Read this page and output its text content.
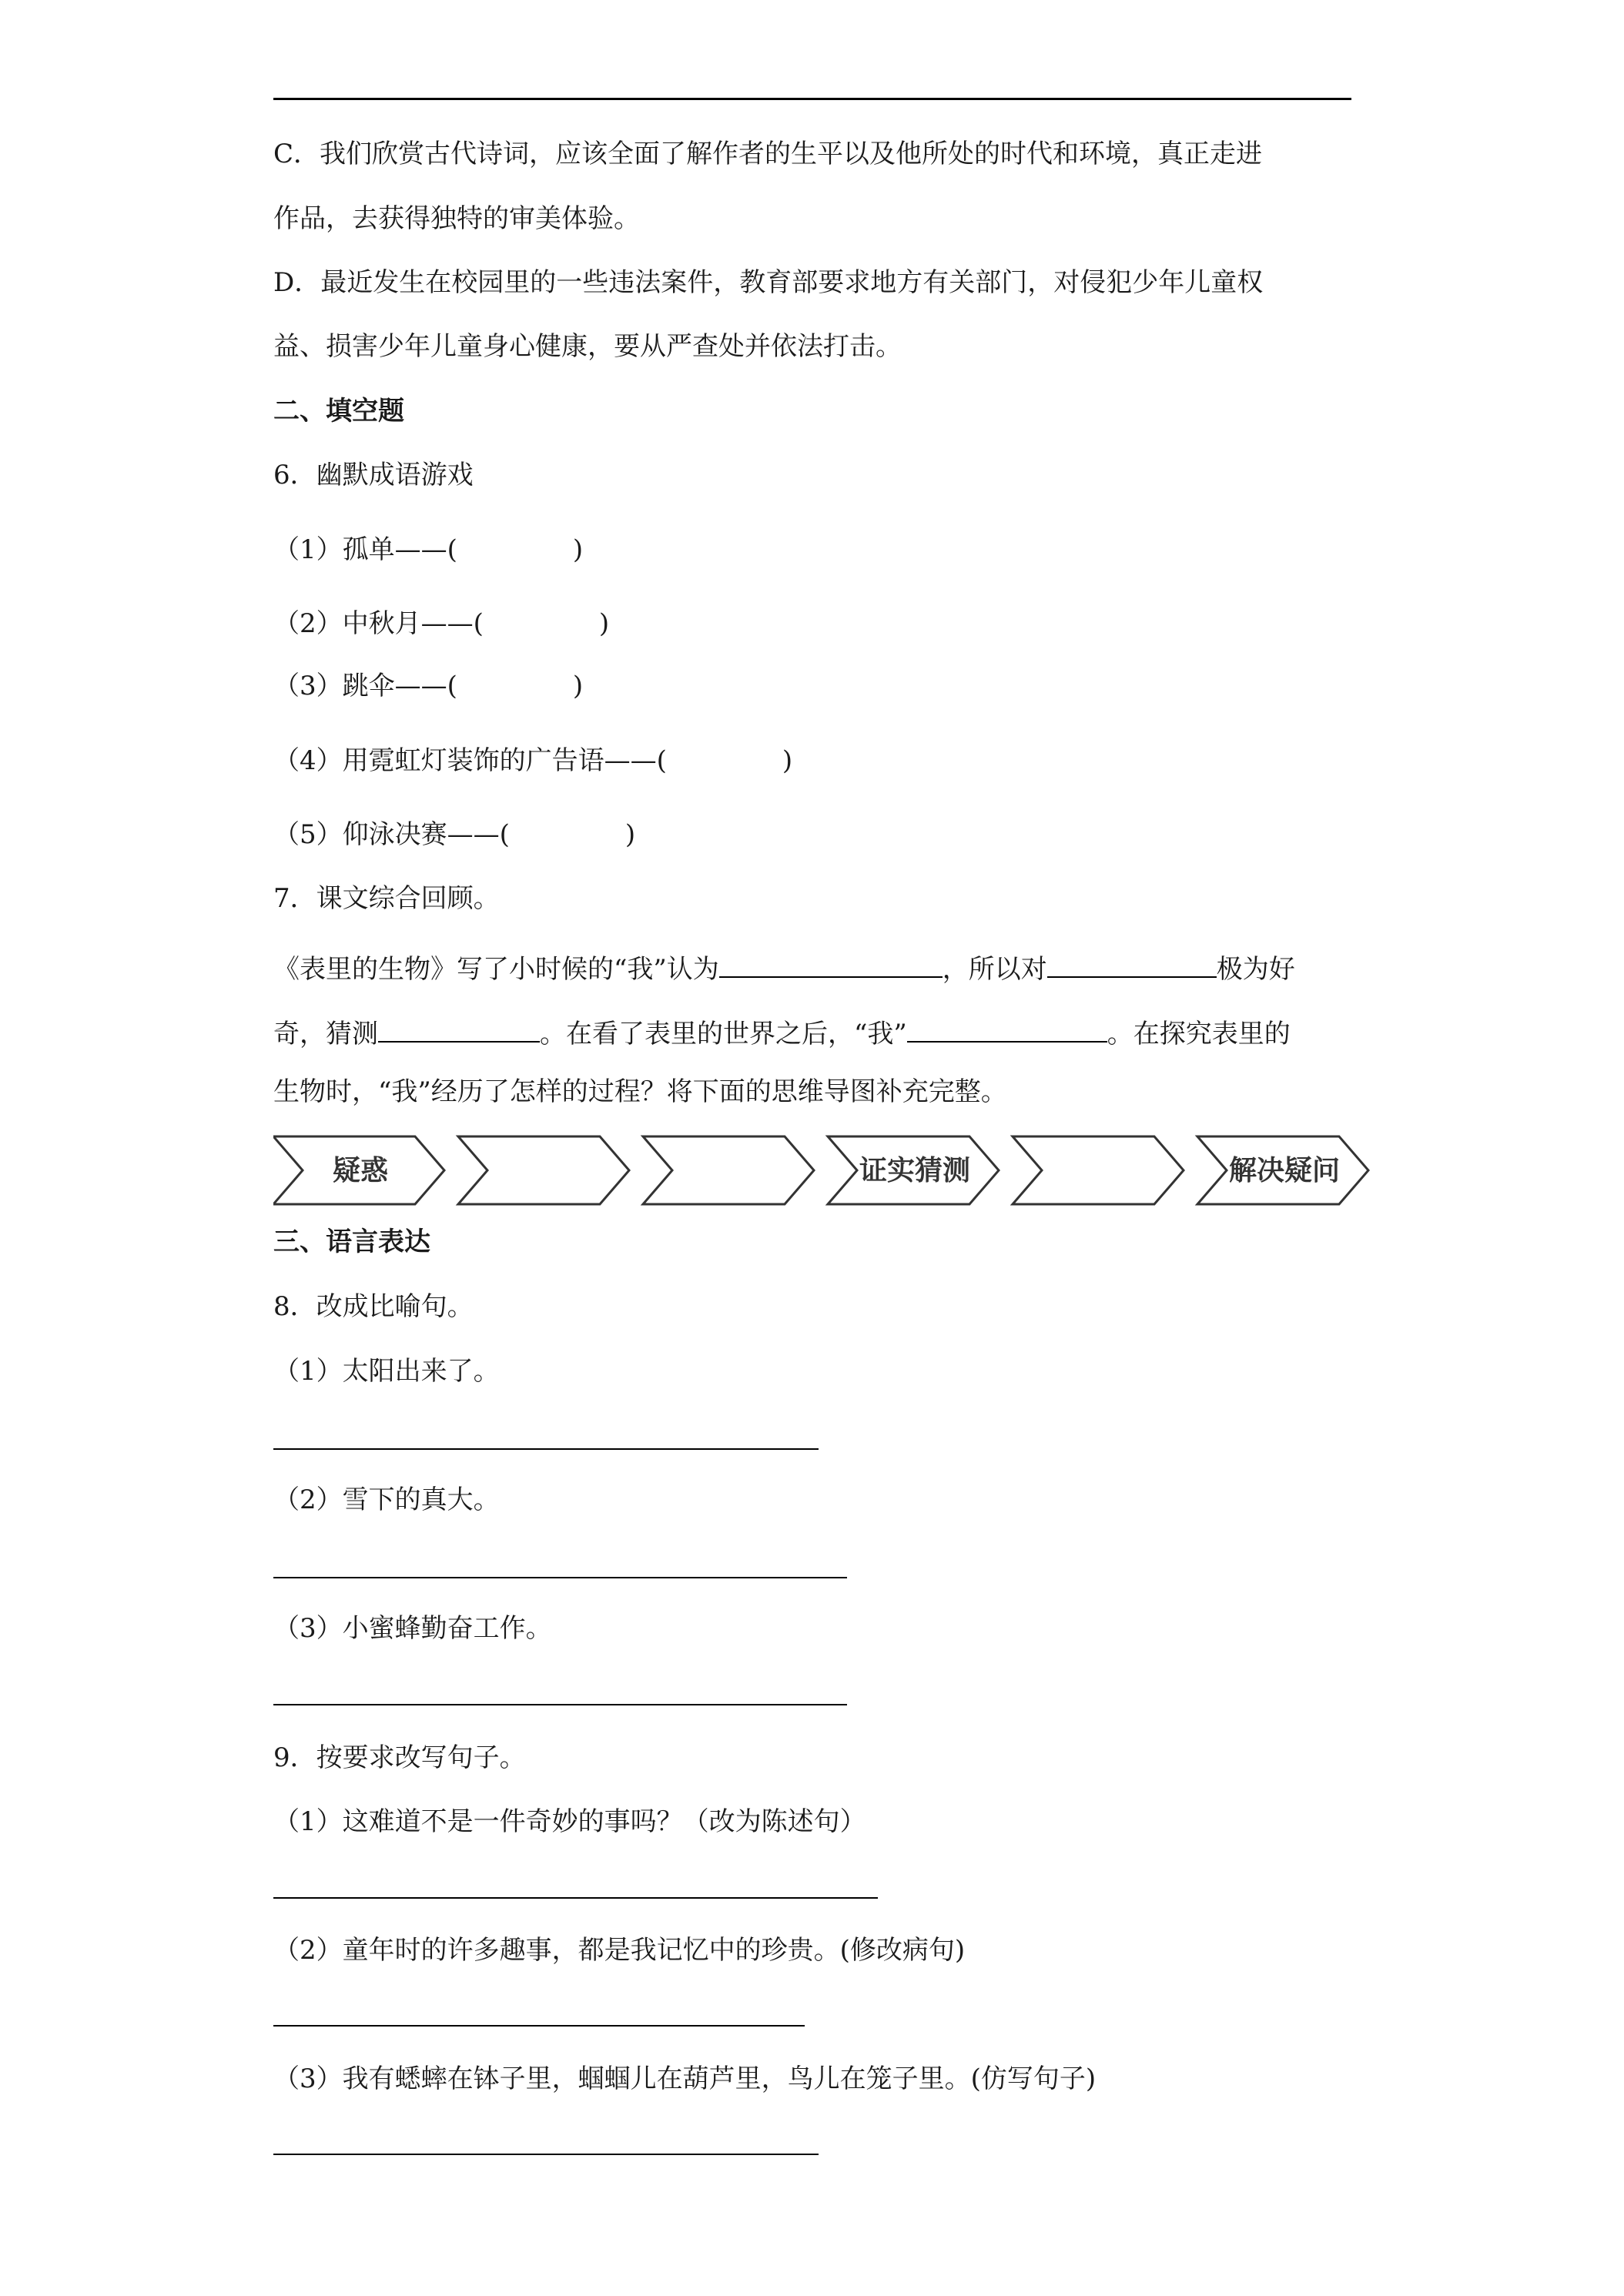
C．我们欣赏古代诗词，应该全面了解作者的生平以及他所处的时代和环境，真正走进
作品，去获得独特的审美体验。
D．最近发生在校园里的一些违法案件，教育部要求地方有关部门，对侵犯少年儿童权
益、损害少年儿童身心健康，要从严查处并依法打击。
二、填空题
6．幽默成语游戏
（1）孤单——(	)
（2）中秋月——(	)
（3）跳伞——(	)
（4）用霓虹灯装饰的广告语——(	)
（5）仰泳决赛——(	)
7．课文综合回顾。
《表里的生物》写了小时候的“我”认为	，所以对	极为好
奇，猜测	。在看了表里的世界之后，“我”	。在探究表里的
生物时，“我”经历了怎样的过程？将下面的思维导图补充完整。
疑惑	证实猜测	解决疑问
三、语言表达
8．改成比喻句。
（1）太阳出来了。
（2）雪下的真大。
（3）小蜜蜂勤奋工作。
9．按要求改写句子。
（1）这难道不是一件奇妙的事吗？（改为陈述句）
（2）童年时的许多趣事，都是我记忆中的珍贵。(修改病句)
（3）我有蟋蟀在钵子里，蝈蝈儿在葫芦里，鸟儿在笼子里。(仿写句子)
